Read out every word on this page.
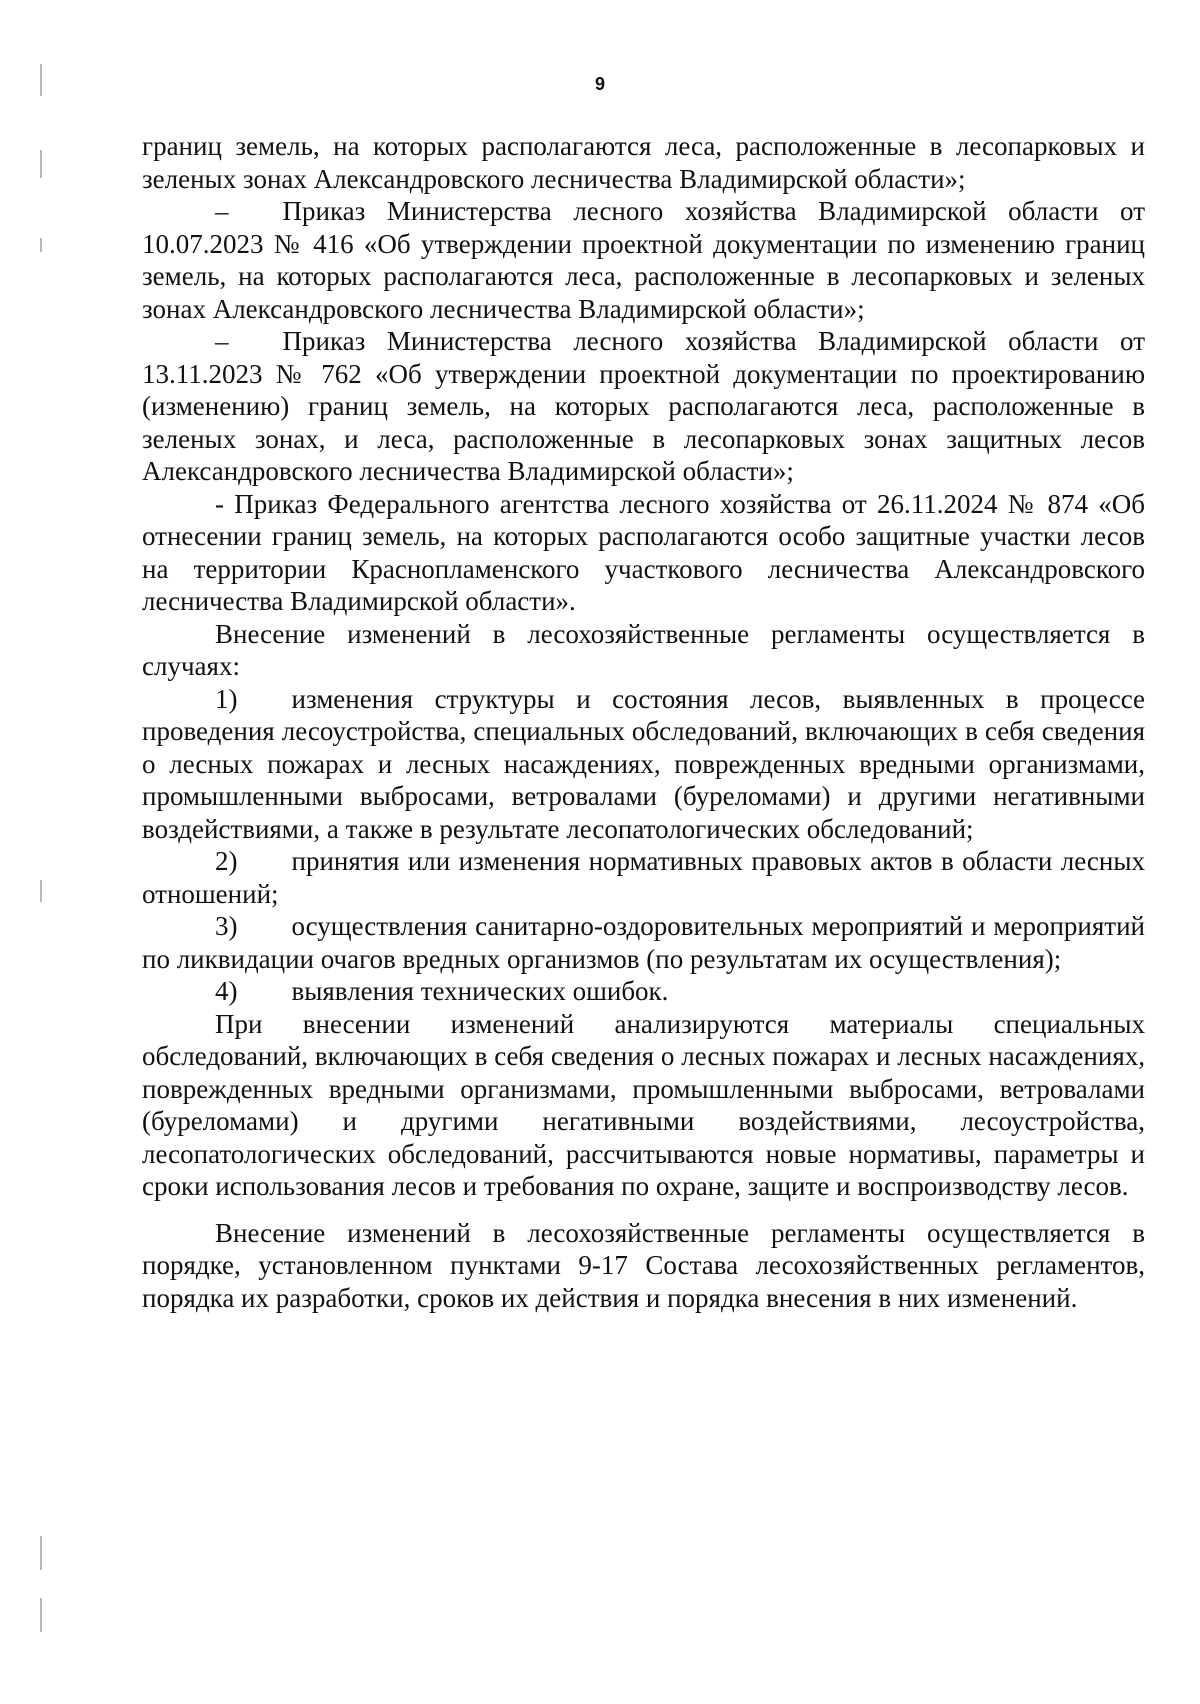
9

границ земель, на которых располагаются леса, расположенные в лесопарковых и зеленых зонах Александровского лесничества Владимирской области»;

–  Приказ Министерства лесного хозяйства Владимирской области от 10.07.2023 № 416 «Об утверждении проектной документации по изменению границ земель, на которых располагаются леса, расположенные в лесопарковых и зеленых зонах Александровского лесничества Владимирской области»;

–  Приказ Министерства лесного хозяйства Владимирской области от 13.11.2023 № 762 «Об утверждении проектной документации по проектированию (изменению) границ земель, на которых располагаются леса, расположенные в зеленых зонах, и леса, расположенные в лесопарковых зонах защитных лесов Александровского лесничества Владимирской области»;

- Приказ Федерального агентства лесного хозяйства от 26.11.2024 № 874 «Об отнесении границ земель, на которых располагаются особо защитные участки лесов на территории Краснопламенского участкового лесничества Александровского лесничества Владимирской области».

Внесение изменений в лесохозяйственные регламенты осуществляется в случаях:

1)  изменения структуры и состояния лесов, выявленных в процессе проведения лесоустройства, специальных обследований, включающих в себя сведения о лесных пожарах и лесных насаждениях, поврежденных вредными организмами, промышленными выбросами, ветровалами (буреломами) и другими негативными воздействиями, а также в результате лесопатологических обследований;

2)  принятия или изменения нормативных правовых актов в области лесных отношений;

3)  осуществления санитарно-оздоровительных мероприятий и мероприятий по ликвидации очагов вредных организмов (по результатам их осуществления);

4)  выявления технических ошибок.

При внесении изменений анализируются материалы специальных обследований, включающих в себя сведения о лесных пожарах и лесных насаждениях, поврежденных вредными организмами, промышленными выбросами, ветровалами (буреломами) и другими негативными воздействиями, лесоустройства, лесопатологических обследований, рассчитываются новые нормативы, параметры и сроки использования лесов и требования по охране, защите и воспроизводству лесов.

Внесение изменений в лесохозяйственные регламенты осуществляется в порядке, установленном пунктами 9-17 Состава лесохозяйственных регламентов, порядка их разработки, сроков их действия и порядка внесения в них изменений.
